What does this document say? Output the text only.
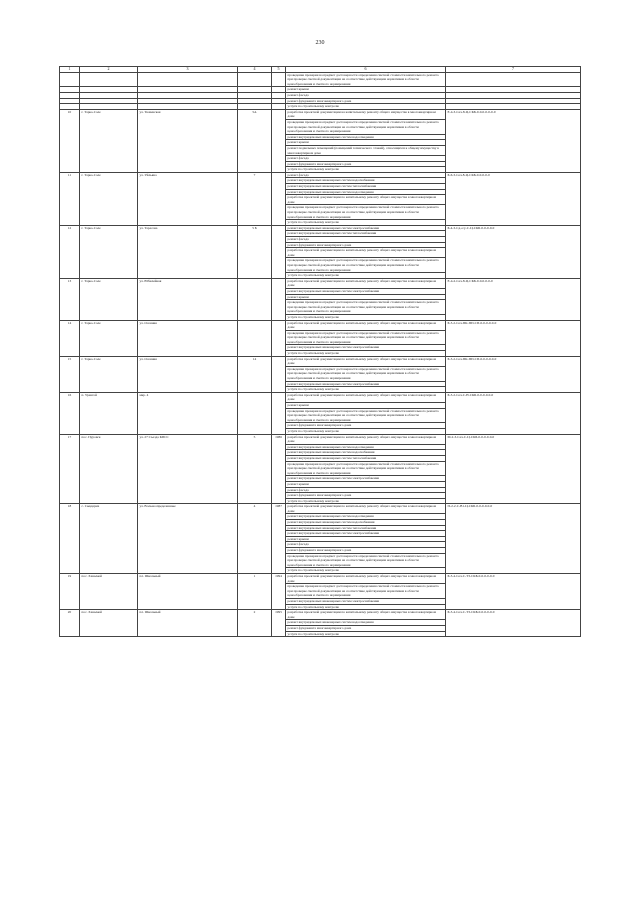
230
1	2	3	4	5	6	7
					проведение проверки на предмет достоверности определения сметной стоимости капитального ремонта при проверке сметной документации на соответствие действующим нормативам в области ценообразования и сметного нормирования	
					ремонт крыши	
					ремонт фасада	
					ремонт фундамента многоквартирного дома	
					услуги по строительному контролю	
10	г. Тарко-Сале	ул. Тюменская	5А		разработка проектной документации на капитальному ремонту общего имущества в многоквартирном доме	Е-4-3-Сеч-8-Ц-СКБ-0-0-0-0-0-0-0
					проведение проверки на предмет достоверности определения сметной стоимости капитального ремонта при проверке сметной документации на соответствие действующим нормативам в области ценообразования и сметного нормирования	
					ремонт внутридомовых инженерных систем водоотведения	
					ремонт крыши	
					ремонт подвальных помещений (помещений технического этажей), относящихся к общему имуществу в многоквартирном доме	
					ремонт фасада	
					ремонт фундамента многоквартирного дома	
					услуги по строительному контролю	
11	г. Тарко-Сале	ул. Уйльяна	7		ремонт фасада	Б-6-3-Сеч-8-Ц-СКБ-0-0-0-0-0
					ремонт внутридомовых инженерных систем водоснабжения	
					ремонт внутридомовых инженерных систем теплоснабжения	
					ремонт внутридомовых инженерных систем водоотведения	
					разработка проектной документации по капитальному ремонту общего имущества в многоквартирном доме	
					проведение проверки на предмет достоверности определения сметной стоимости капитального ремонта при проверке сметной документации на соответствие действующим нормативам в области ценообразования и сметного нормирования	
					услуги по строительному контролю	
12	г. Тарко-Сале	ул. Тарасова	5 Б		ремонт внутридомовых инженерных систем электроснабжения	Б-4-3-Сд-о/у-С-Ц-СКБ-0-0-0-0-0
					ремонт внутридомовых инженерных систем теплоснабжения	
					ремонт фасада	
					ремонт фундамента многоквартирного дома	
					разработка проектной документации по капитальному ремонту общего имущества в многоквартирном доме	
					проведение проверки на предмет достоверности определения сметной стоимости капитального ремонта при проверке сметной документации на соответствие действующим нормативам в области ценообразования и сметного нормирования	
					услуги по строительному контролю	
13	г. Тарко-Сале	ул. Юбилейная			разработка проектной документации по капитальному ремонту общего имущества в многоквартирном доме	Е-4-2-Сеч-8-Ц-СКБ-0-0-0-0-0-0
					ремонт внутридомовых инженерных систем электроснабжения	
					ремонт крыши	
					проведение проверки на предмет достоверности определения сметной стоимости капитального ремонта при проверке сметной документации на соответствие действующим нормативам в области ценообразования и сметного нормирования	
					услуги по строительному контролю	
14	г. Тарко-Сале	ул. Осенняя			разработка проектной документации по капитальному ремонту общего имущества в многоквартирном доме	Б-3-2-Сеч-ПК-ПП-СП-0-0-0-0-0-0
					проведение проверки на предмет достоверности определения сметной стоимости капитального ремонта при проверке сметной документации на соответствие действующим нормативам в области ценообразования и сметного нормирования	
					ремонт внутридомовых инженерных систем электроснабжения	
					услуги по строительному контролю	
15	г. Тарко-Сале	ул. Осенняя	14		разработка проектной документации по капитальному ремонту общего имущества в многоквартирном доме	Б-3-2-Сеч-ПК-ПП-СП-0-0-0-0-0-0
					проведение проверки на предмет достоверности определения сметной стоимости капитального ремонта при проверке сметной документации на соответствие действующим нормативам в области ценообразования и сметного нормирования	
					ремонт внутридомовых инженерных систем электроснабжения	
					услуги по строительному контролю	
16	п. Уренгой	мкр. 4			разработка проектной документации по капитальному ремонту общего имущества в многоквартирном доме	Б-3-2-Сеч-С-Н-СКБ-0-0-0-0-0-0
					ремонт крыши	
					проведение проверки на предмет достоверности определения сметной стоимости капитального ремонта при проверке сметной документации на соответствие действующим нормативам в области ценообразования и сметного нормирования	
					ремонт фундамента многоквартирного дома	
					услуги по строительному контролю	
17	пос. Пуровск	ул. 27 Съезда КПСС	5	1986	разработка проектной документации по капитальному ремонту общего имущества в многоквартирном доме	М-2-3-Сеч-С-Ц-СКБ-0-0-0-0-0-0
					ремонт внутридомовых инженерных систем водоотведения	
					ремонт внутридомовых инженерных систем водоснабжения	
					ремонт внутридомовых инженерных систем теплоснабжения	
					проведение проверки на предмет достоверности определения сметной стоимости капитального ремонта при проверке сметной документации на соответствие действующим нормативам в области ценообразования и сметного нормирования	
					ремонт внутридомовых инженерных систем электроснабжения	
					ремонт крыши	
					ремонт фасада	
					ремонт фундамента многоквартирного дома	
					услуги по строительному контролю	
18	с. Сывдарма	ул. Вольноопределенные	4	1987	разработка проектной документации по капитальному ремонту общего имущества в многоквартирном доме	П-2-2-С-В1-Ц-СКБ-0-0-0-0-0-0
					ремонт внутридомовых инженерных систем водоотведения	
					ремонт внутридомовых инженерных систем водоснабжения	
					ремонт внутридомовых инженерных систем теплоснабжения	
					ремонт внутридомовых инженерных систем электроснабжения	
					ремонт крыши	
					ремонт фасада	
					ремонт фундамента многоквартирного дома	
					проведение проверки на предмет достоверности определения сметной стоимости капитального ремонта при проверке сметной документации на соответствие действующим нормативам в области ценообразования и сметного нормирования	
					услуги по строительному контролю	
19	пос. Ханымей	пл. Школьный	1	1994	разработка проектной документации по капитальному ремонту общего имущества в многоквартирном доме	Б-3-4-Сеч-С-ТЗ-СКБ-0-0-0-0-0-0
					проведение проверки на предмет достоверности определения сметной стоимости капитального ремонта при проверке сметной документации на соответствие действующим нормативам в области ценообразования и сметного нормирования	
					ремонт внутридомовых инженерных систем электроснабжения	
					услуги по строительному контролю	
20	пос. Ханымей	пл. Школьный	2	1995	разработка проектной документации по капитальному ремонту общего имущества в многоквартирном доме	Б-3-4-Сеч-С-ТЗ-СКБ-0-0-0-0-0-0
					ремонт внутридомовых инженерных систем водоотведения	
					ремонт фундамента многоквартирного дома	
					услуги по строительному контролю	
